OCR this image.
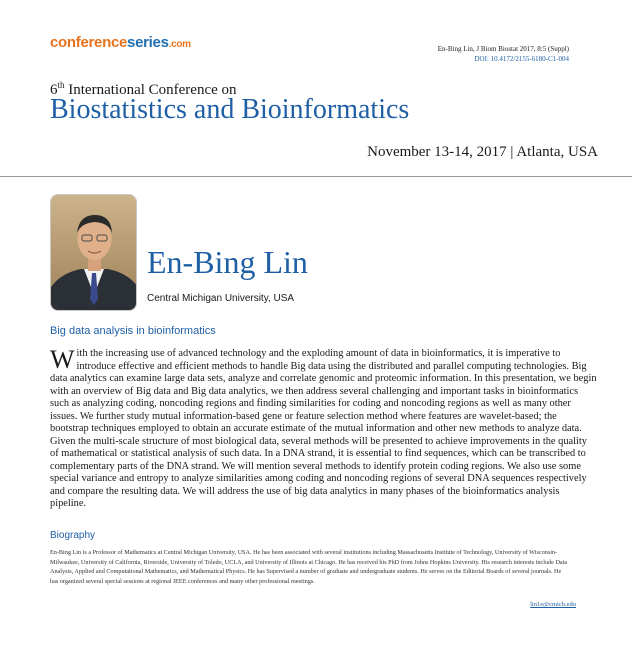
conferenceseries.com	En-Bing Lin, J Biom Biostat 2017, 8:5 (Suppl)
DOI: 10.4172/2155-6180-C1-004
6th International Conference on
Biostatistics and Bioinformatics
November 13-14, 2017 | Atlanta, USA
En-Bing Lin
Central Michigan University, USA
Big data analysis in bioinformatics
With the increasing use of advanced technology and the exploding amount of data in bioinformatics, it is imperative to introduce effective and efficient methods to handle Big data using the distributed and parallel computing technologies. Big data analytics can examine large data sets, analyze and correlate genomic and proteomic information. In this presentation, we begin with an overview of Big data and Big data analytics, we then address several challenging and important tasks in bioinformatics such as analyzing coding, noncoding regions and finding similarities for coding and noncoding regions as well as many other issues. We further study mutual information-based gene or feature selection method where features are wavelet-based; the bootstrap techniques employed to obtain an accurate estimate of the mutual information and other new methods to analyze data. Given the multi-scale structure of most biological data, several methods will be presented to achieve improvements in the quality of mathematical or statistical analysis of such data. In a DNA strand, it is essential to find sequences, which can be transcribed to complementary parts of the DNA strand. We will mention several methods to identify protein coding regions. We also use some special variance and entropy to analyze similarities among coding and noncoding regions of several DNA sequences respectively and compare the resulting data. We will address the use of big data analytics in many phases of the bioinformatics analysis pipeline.
Biography
En-Bing Lin is a Professor of Mathematics at Central Michigan University, USA. He has been associated with several institutions including Massachusetts Institute of Technology, University of Wisconsin-Milwaukee, University of California, Riverside, University of Toledo, UCLA, and University of Illinois at Chicago. He has received his PhD from Johns Hopkins University. His research interests include Data Analysis, Applied and Computational Mathematics, and Mathematical Physics. He has Supervised a number of graduate and undergraduate students. He serves on the Editorial Boards of several journals. He has organized several special sessions at regional IEEE conferences and many other professional meetings.
lin1e@cmich.edu
